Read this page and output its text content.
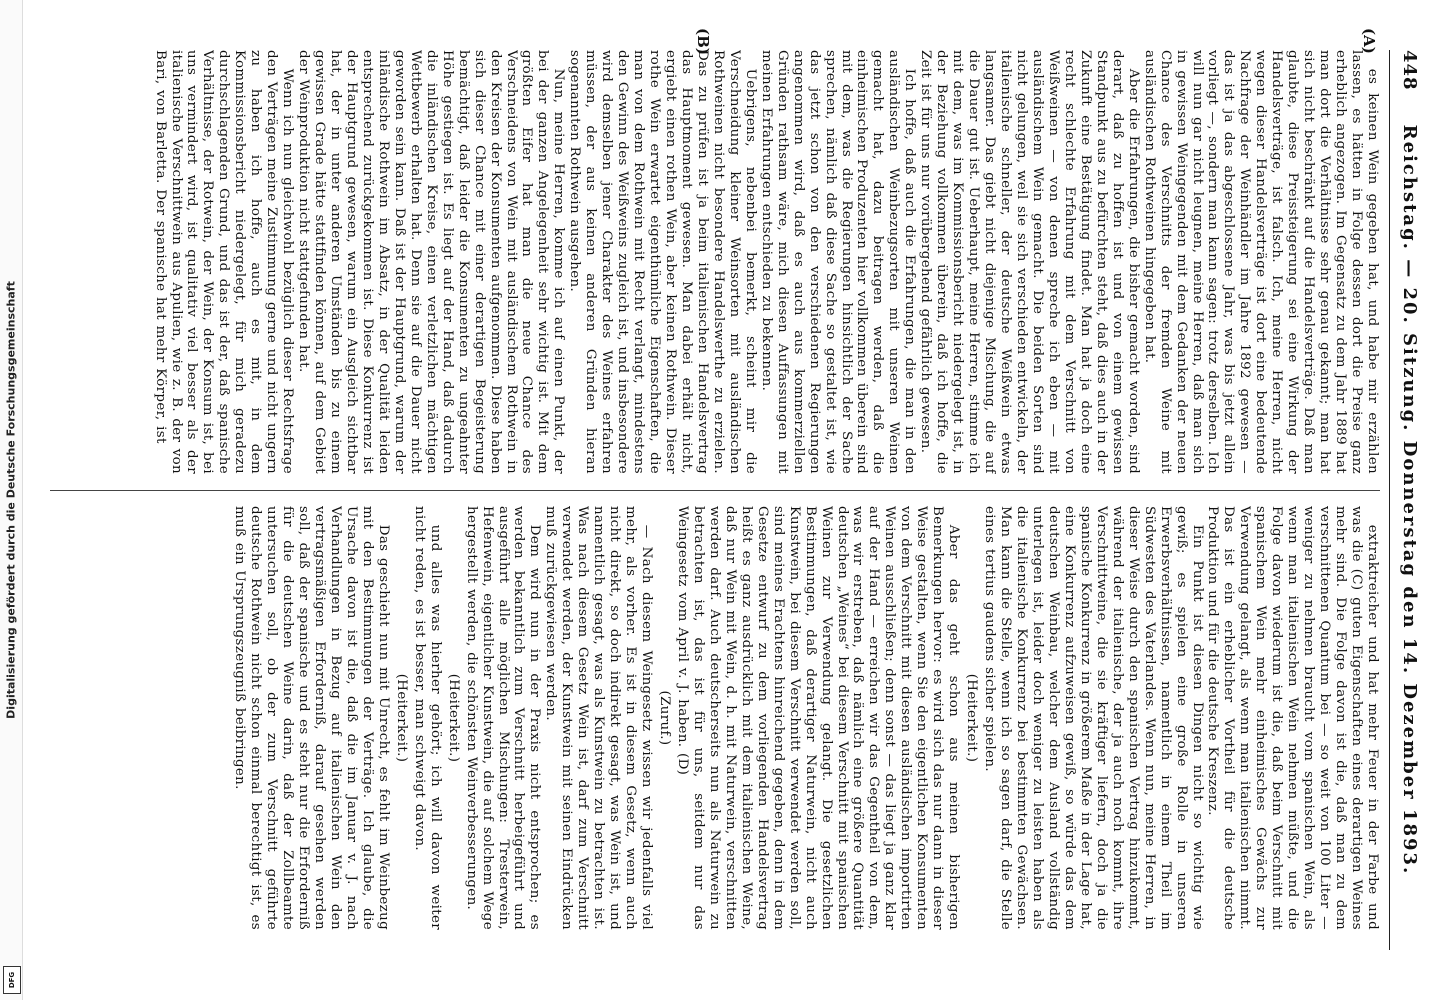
Digitalisierung gefördert durch die Deutsche Forschungsgemeinschaft
DFG
448
Reichstag. — 20. Sitzung. Donnerstag den 14. Dezember 1893.
(A)
(B)

es keinen Wein gegeben hat, und habe mir erzählen lassen, es hätten in Folge dessen dort die Preise ganz erheblich angezogen. Im Gegensatz zu dem Jahr 1889 hat man dort die Verhältnisse sehr genau gekannt; man hat sich nicht beschränkt auf die Handelsverträge. Daß man glaubte, diese Preissteigerung sei eine Wirkung der Handelsverträge, ist falsch. Ich, meine Herren, nicht wegen dieser Handelsverträge ist dort eine bedeutende Nachfrage der Weinhändler im Jahre 1892 gewesen — das ist ja das abgeschlossene Jahr, was bis jetzt allein vorliegt —, sondern man kann sagen: trotz derselben. Ich will nun gar nicht leugnen, meine Herren, daß man sich in gewissen Weingegenden mit dem Gedanken der neuen Chance des Verschnitts der fremden Weine mit ausländischen Rothweinen hingegeben hat.

Aber die Erfahrungen, die bisher gemacht worden, sind derart, daß zu hoffen ist und von einem gewissen Standpunkt aus zu befürchten steht, daß dies auch in der Zukunft eine Bestätigung findet. Man hat ja doch eine recht schlechte Erfahrung mit dem Verschnitt von Weißweinen — von denen spreche ich eben — mit ausländischem Wein gemacht. Die beiden Sorten sind nicht gelungen, weil sie sich verschieden entwickeln, der italienische schneller, der deutsche Weißwein etwas langsamer. Das giebt nicht diejenige Mischung, die auf die Dauer gut ist. Ueberhaupt, meine Herren, stimme ich mit dem, was im Kommissionsbericht niedergelegt ist, in der Beziehung vollkommen überein, daß ich hoffe, die Zeit ist für uns nur vorübergehend gefährlich gewesen.

Ich hoffe, daß auch die Erfahrungen, die man in den ausländischen Weinbezugsorten mit unseren Weinen gemacht hat, dazu beitragen werden, daß die einheimischen Produzenten hier vollkommen überein sind mit dem, was die Regierungen hinsichtlich der Sache sprechen, nämlich daß diese Sache so gestaltet ist, wie das jetzt schon von den verschiedenen Regierungen angenommen wird, daß es auch aus kommerziellen Gründen rathsam wäre, mich diesen Auffassungen mit meinen Erfahrungen entschieden zu bekennen.

Uebrigens, nebenbei bemerkt, scheint mir die Verschneidung kleiner Weinsorten mit ausländischen Rothweinen nicht besondere Handelswerthe zu erzielen. Das zu prüfen ist ja beim italienischen Handelsvertrag das Hauptmoment gewesen. Man dabei erhält nicht, ergiebt einen rothen Wein, aber keinen Rothwein. Dieser rothe Wein erwartet eigenthümliche Eigenschaften, die man von dem Rothwein mit Recht verlangt, mindestens den Gewinn des Weißweins zugleich ist, und insbesondere wird demselben jener Charakter des Weines erfahren müssen, der aus keinen anderen Gründen hieran sogenannten Rothwein ausgehen.

Nun, meine Herren, komme ich auf einen Punkt, der bei der ganzen Angelegenheit sehr wichtig ist. Mit dem größten Eifer hat man die neue Chance des Verschneidens von Wein mit ausländischem Rothwein in den Kreisen der Konsumenten aufgenommen. Diese haben sich dieser Chance mit einer derartigen Begeisterung bemächtigt, daß leider die Konsumenten zu ungeahnter Höhe gestiegen ist. Es liegt auf der Hand, daß dadurch die inländischen Kreise, einen verletzlichen mächtigen Wettbewerb erhalten hat. Denn sie auf die Dauer nicht geworden sein kann. Daß ist der Hauptgrund, warum der inländische Rothwein im Absatz, in der Qualität leiden entsprechend zurückgekommen ist. Diese Konkurrenz ist der Hauptgrund gewesen, warum ein Ausgleich sichtbar hat, der in unter anderen Umständen bis zu einem gewissen Grade hätte stattfinden können, auf dem Gebiet der Weinproduktion nicht stattgefunden hat.

Wenn ich nun gleichwohl bezüglich dieser Rechtsfrage den Verträgen meine Zustimmung gerne und nicht ungern zu haben ich hoffe, auch es mit, in dem Kommissionsbericht niedergelegt, für mich geradezu durchschlagenden Grund, und das ist der, daß spanische Verhältnisse, der Rotwein, der Wein, der Konsum ist, bei uns vermindert wird, ist qualitativ viel besser als der italienische Verschnittwein aus Apulien, wie z. B. der von Bari, von Barletta. Der spanische hat mehr Körper, ist

extraktreicher und hat mehr Feuer in der Farbe und was die (C) guten Eigenschaften eines derartigen Weines mehr sind. Die Folge davon ist die, daß man zu dem verschnittenen Quantum bei — so weit von 100 Liter — weniger zu nehmen braucht vom spanischen Wein, als wenn man italienischen Wein nehmen müßte, und die Folge davon wiederum ist die, daß beim Verschnitt mit spanischem Wein mehr einheimisches Gewächs zur Verwendung gelangt, als wenn man italienischen nimmt. Das ist ein erheblicher Vortheil für die deutsche Produktion und für die deutsche Kreszenz.

Ein Punkt ist diesen Dingen nicht so wichtig wie gewiß; es spielen eine große Rolle in unseren Erwerbsverhältnissen, namentlich in einem Theil im Südwesten des Vaterlandes. Wenn nun, meine Herren, in dieser Weise durch den spanischen Vertrag hinzukommt, während der italienische, der ja auch noch kommt, ihre Verschnittweine, die sie kräftiger liefern, doch ja die spanische Konkurrenz in größerem Maße in der Lage hat, eine Konkurrenz aufzuweisen gewiß, so würde das dem deutschen Weinbau, welcher dem Ausland vollständig unterlegen ist, leider doch weniger zu leisten haben als die italienische Konkurrenz bei bestimmten Gewächsen. Man kann die Stelle, wenn ich so sagen darf, die Stelle eines tertius gaudens sicher spielen.

(Heiterkeit.)

Aber das geht schon aus meinen bisherigen Bemerkungen hervor: es wird sich das nur dann in dieser Weise gestalten, wenn Sie den eigentlichen Konsumenten von dem Verschnitt mit diesen ausländischen importirten Weinen ausschließen; denn sonst — das liegt ja ganz klar auf der Hand — erreichen wir das Gegentheil von dem, was wir erstreben, daß nämlich eine größere Quantität deutschen „Weines“ bei diesem Verschnitt mit spanischen Weinen zur Verwendung gelangt. Die gesetzlichen Bestimmungen, daß derartiger Naturwein, nicht auch Kunstwein, bei diesem Verschnitt verwendet werden soll, sind meines Erachtens hinreichend gegeben, denn in dem Gesetze entwurf zu dem vorliegenden Handelsvertrag heißt es ganz ausdrücklich mit dem italienischen Weine, daß nur Wein mit Wein, d. h. mit Naturwein, verschnitten werden darf. Auch deutscherseits nun als Naturwein zu betrachten ist, das ist für uns, seitdem nur das Weingesetz vom April v. J. haben. (D)

(Zuruf.)

— Nach diesem Weingesetz wissen wir jedenfalls viel mehr, als vorher. Es ist in diesem Gesetz, wenn auch nicht direkt, so doch indirekt gesagt, was Wein ist, und namentlich gesagt, was als Kunstwein zu betrachten ist. Was nach diesem Gesetz Wein ist, darf zum Verschnitt verwendet werden, der Kunstwein mit seinen Eindrücken muß zurückgewiesen werden.

Dem wird nun in der Praxis nicht entsprochen; es werden bekanntlich zum Verschnitt herbeigeführt und ausgeführt alle möglichen Mischungen: Tresterwein, Hefenwein, eigentlicher Kunstwein, die auf solchem Wege hergestellt werden, die schönsten Weinverbesserungen.

(Heiterkeit.)

und alles was hierher gehört; ich will davon weiter nicht reden, es ist besser, man schweigt davon.

(Heiterkeit.)

Das geschieht nun mit Unrecht, es fehlt im Weinbezug mit den Bestimmungen der Verträge. Ich glaube, die Ursache davon ist die, daß die im Januar v. J. nach Verhandlungen in Bezug auf italienischen Wein den vertragsmäßigen Erforderniß, darauf gesehen werden soll, daß der spanische und es steht nur die Erforderniß für die deutschen Weine darin, daß der Zollbeamte untersuchen soll, ob der zum Verschnitt geführte deutsche Rothwein nicht schon einmal berechtigt ist, es muß ein Ursprungszeugniß beibringen.
